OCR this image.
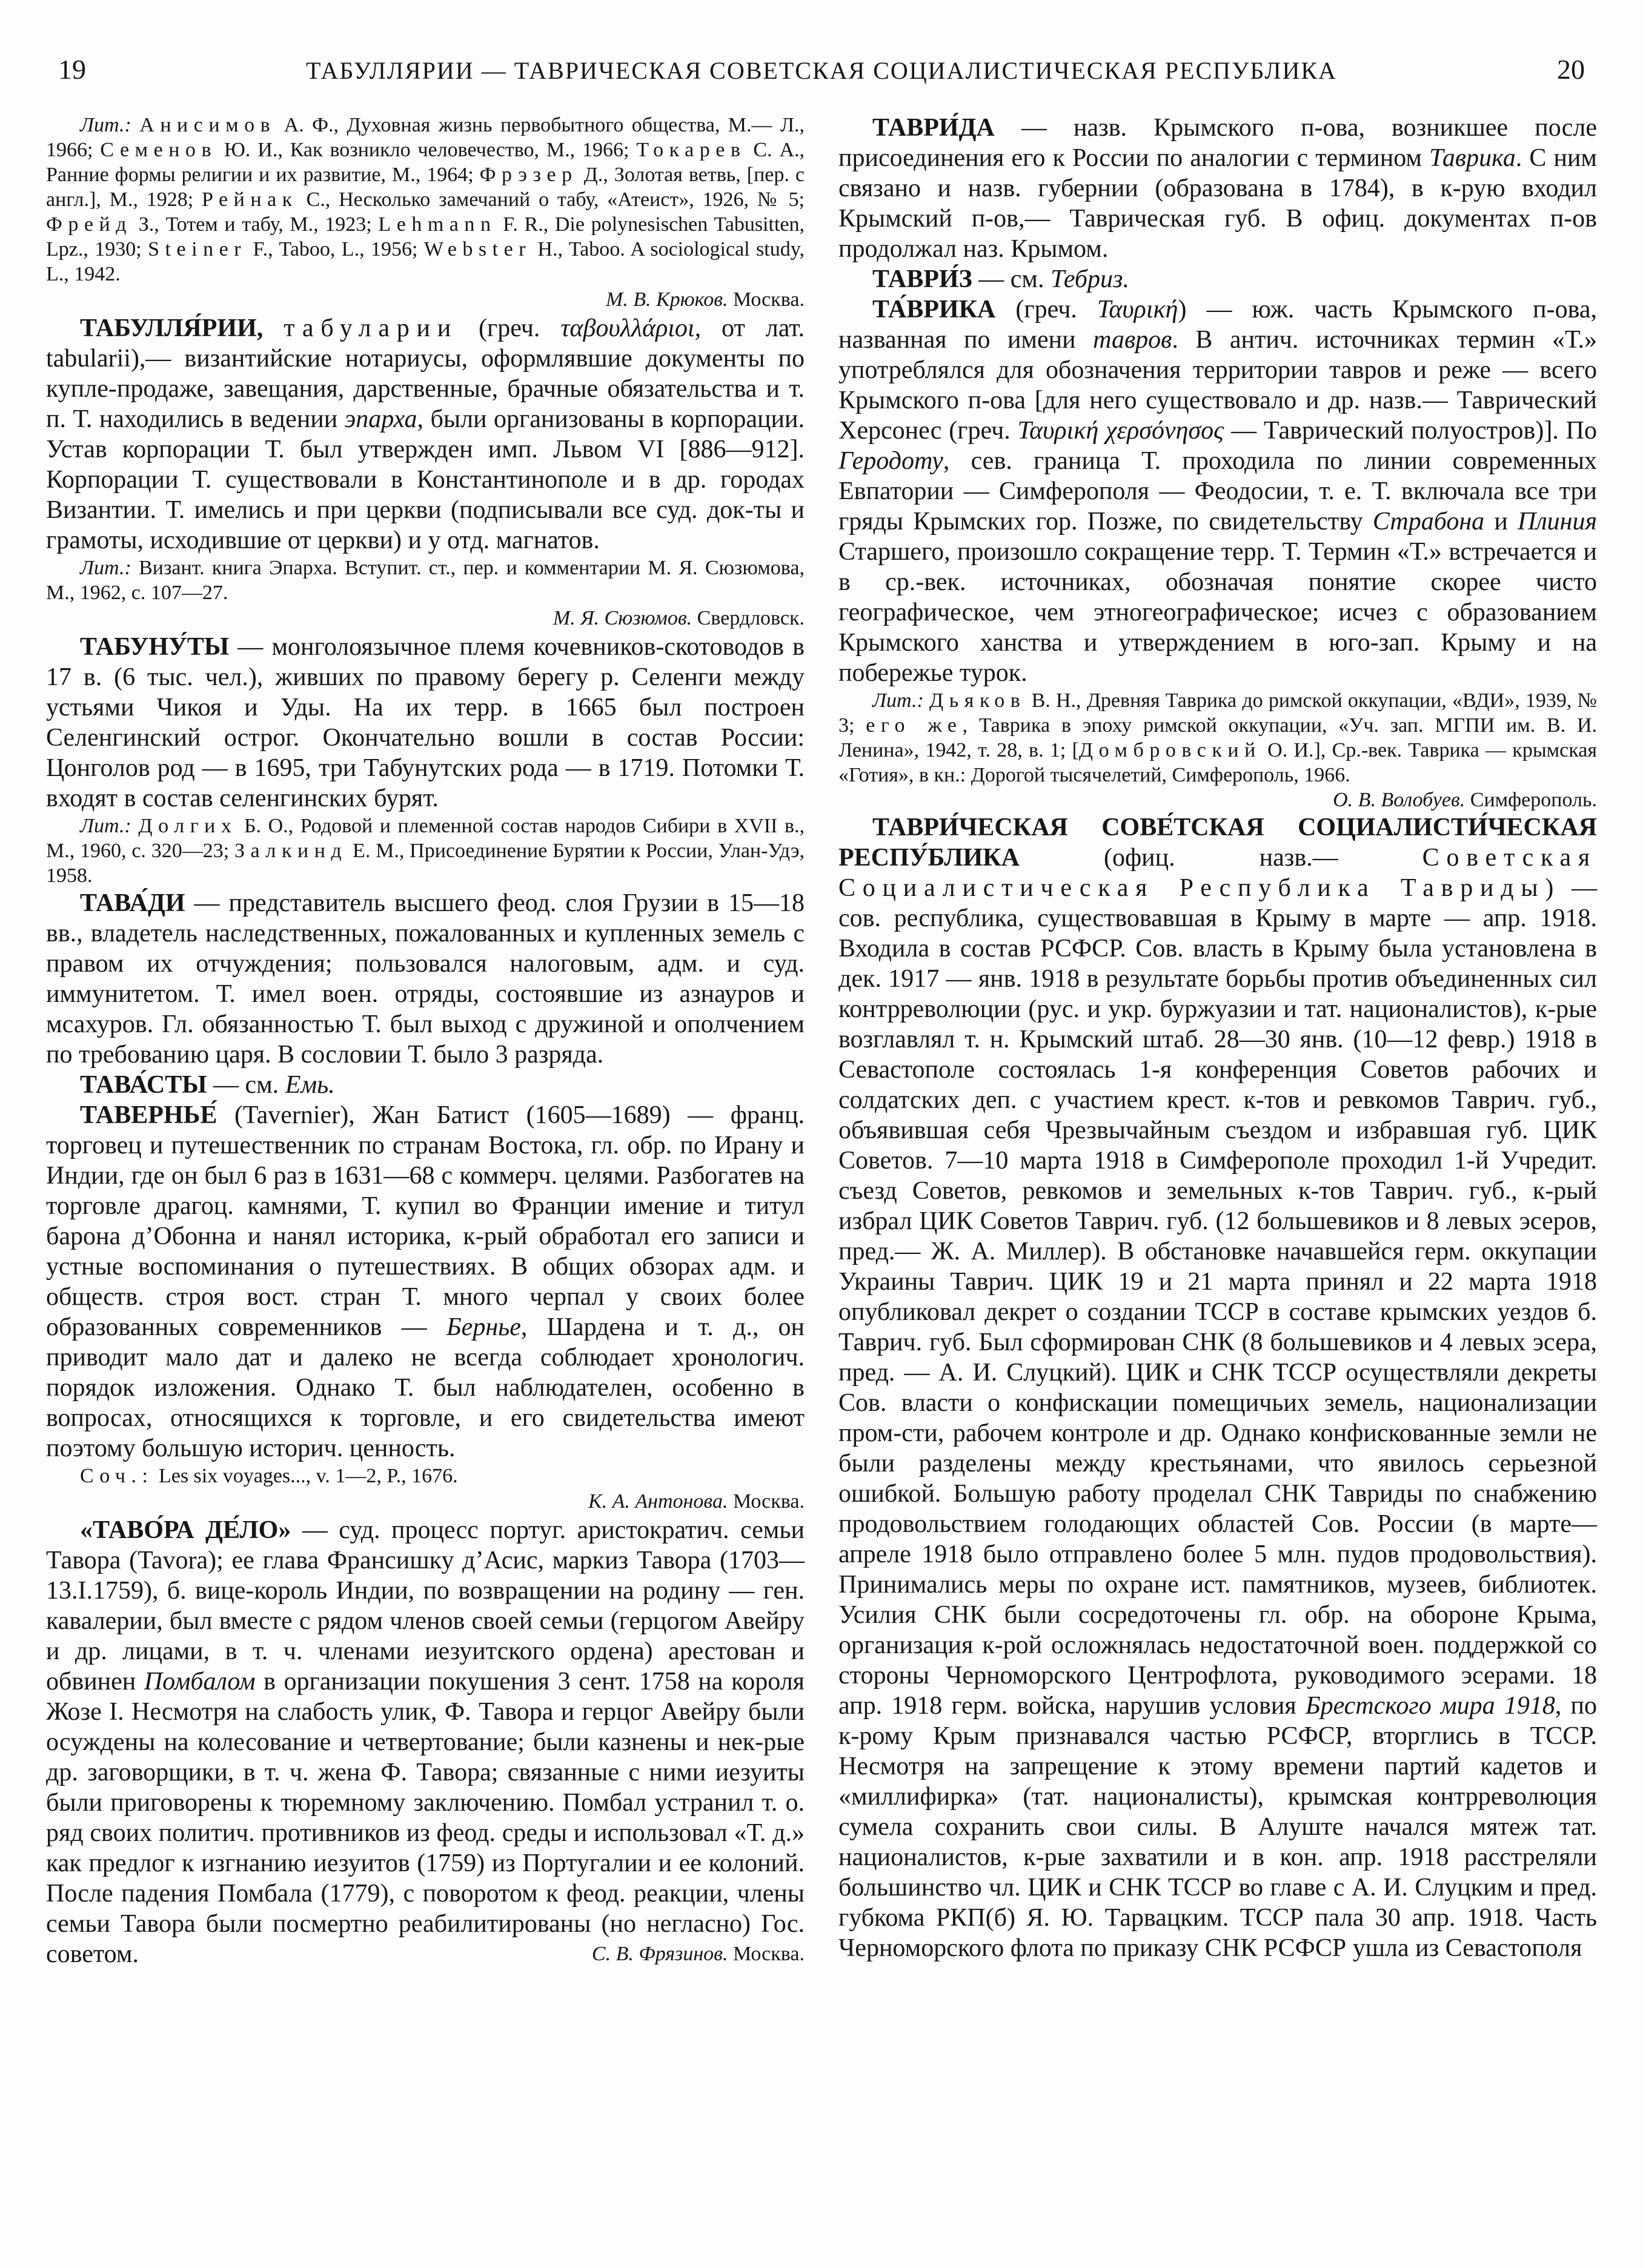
19	ТАБУЛЛЯРИИ — ТАВРИЧЕСКАЯ СОВЕТСКАЯ СОЦИАЛИСТИЧЕСКАЯ РЕСПУБЛИКА	20

Лит.: Анисимов А. Ф., Духовная жизнь первобытного общества, М.— Л., 1966; Семенов Ю. И., Как возникло человечество, М., 1966; Токарев С. А., Ранние формы религии и их развитие, М., 1964; Фрэзер Д., Золотая ветвь, [пер. с англ.], М., 1928; Рейнак С., Несколько замечаний о табу, «Атеист», 1926, № 5; Фрейд З., Тотем и табу, М., 1923; Lehmann F. R., Die polynesischen Tabusitten, Lpz., 1930; Steiner F., Taboo, L., 1956; Webster H., Taboo. A sociological study, L., 1942.

М. В. Крюков. Москва.

ТАБУЛЛЯ́РИИ, табуларии (греч. ταβουλλάριοι, от лат. tabularii),— византийские нотариусы, оформлявшие документы по купле-продаже, завещания, дарственные, брачные обязательства и т. п. Т. находились в ведении эпарха, были организованы в корпорации. Устав корпорации Т. был утвержден имп. Львом VI [886—912]. Корпорации Т. существовали в Константинополе и в др. городах Византии. Т. имелись и при церкви (подписывали все суд. док-ты и грамоты, исходившие от церкви) и у отд. магнатов.

Лит.: Визант. книга Эпарха. Вступит. ст., пер. и комментарии М. Я. Сюзюмова, М., 1962, с. 107—27.

М. Я. Сюзюмов. Свердловск.

ТАБУНУ́ТЫ — монголоязычное племя кочевников-скотоводов в 17 в. (6 тыс. чел.), живших по правому берегу р. Селенги между устьями Чикоя и Уды. На их терр. в 1665 был построен Селенгинский острог. Окончательно вошли в состав России: Цонголов род — в 1695, три Табунутских рода — в 1719. Потомки Т. входят в состав селенгинских бурят.

Лит.: Долгих Б. О., Родовой и племенной состав народов Сибири в XVII в., М., 1960, с. 320—23; Залкинд Е. М., Присоединение Бурятии к России, Улан-Удэ, 1958.

ТАВА́ДИ — представитель высшего феод. слоя Грузии в 15—18 вв., владетель наследственных, пожалованных и купленных земель с правом их отчуждения; пользовался налоговым, адм. и суд. иммунитетом. Т. имел воен. отряды, состоявшие из азнауров и мсахуров. Гл. обязанностью Т. был выход с дружиной и ополчением по требованию царя. В сословии Т. было 3 разряда.

ТАВА́СТЫ — см. Емь.

ТАВЕРНЬЕ́ (Tavernier), Жан Батист (1605—1689) — франц. торговец и путешественник по странам Востока, гл. обр. по Ирану и Индии, где он был 6 раз в 1631—68 с коммерч. целями. Разбогатев на торговле драгоц. камнями, Т. купил во Франции имение и титул барона д’Обонна и нанял историка, к-рый обработал его записи и устные воспоминания о путешествиях. В общих обзорах адм. и обществ. строя вост. стран Т. много черпал у своих более образованных современников — Бернье, Шардена и т. д., он приводит мало дат и далеко не всегда соблюдает хронологич. порядок изложения. Однако Т. был наблюдателен, особенно в вопросах, относящихся к торговле, и его свидетельства имеют поэтому большую историч. ценность.

Соч.: Les six voyages..., v. 1—2, P., 1676.

К. А. Антонова. Москва.

«ТАВО́РА ДЕ́ЛО» — суд. процесс португ. аристократич. семьи Тавора (Tavora); ее глава Франсишку д’Асис, маркиз Тавора (1703—13.I.1759), б. вице-король Индии, по возвращении на родину — ген. кавалерии, был вместе с рядом членов своей семьи (герцогом Авейру и др. лицами, в т. ч. членами иезуитского ордена) арестован и обвинен Помбалом в организации покушения 3 сент. 1758 на короля Жозе I. Несмотря на слабость улик, Ф. Тавора и герцог Авейру были осуждены на колесование и четвертование; были казнены и нек-рые др. заговорщики, в т. ч. жена Ф. Тавора; связанные с ними иезуиты были приговорены к тюремному заключению. Помбал устранил т. о. ряд своих политич. противников из феод. среды и использовал «Т. д.» как предлог к изгнанию иезуитов (1759) из Португалии и ее колоний. После падения Помбала (1779), с поворотом к феод. реакции, члены семьи Тавора были посмертно реабилитированы (но негласно) Гос. советом.	С. В. Фрязинов. Москва.

ТАВРИ́ДА — назв. Крымского п-ова, возникшее после присоединения его к России по аналогии с термином Таврика. С ним связано и назв. губернии (образована в 1784), в к-рую входил Крымский п-ов,— Таврическая губ. В офиц. документах п-ов продолжал наз. Крымом.

ТАВРИ́З — см. Тебриз.

ТА́ВРИКА (греч. Ταυρική) — юж. часть Крымского п-ова, названная по имени тавров. В антич. источниках термин «Т.» употреблялся для обозначения территории тавров и реже — всего Крымского п-ова [для него существовало и др. назв.— Таврический Херсонес (греч. Ταυρική χερσόνησος — Таврический полуостров)]. По Геродоту, сев. граница Т. проходила по линии современных Евпатории — Симферополя — Феодосии, т. е. Т. включала все три гряды Крымских гор. Позже, по свидетельству Страбона и Плиния Старшего, произошло сокращение терр. Т. Термин «Т.» встречается и в ср.-век. источниках, обозначая понятие скорее чисто географическое, чем этногеографическое; исчез с образованием Крымского ханства и утверждением в юго-зап. Крыму и на побережье турок.

Лит.: Дьяков В. Н., Древняя Таврика до римской оккупации, «ВДИ», 1939, № 3; его же, Таврика в эпоху римской оккупации, «Уч. зап. МГПИ им. В. И. Ленина», 1942, т. 28, в. 1; [Домбровский О. И.], Ср.-век. Таврика — крымская «Готия», в кн.: Дорогой тысячелетий, Симферополь, 1966.
О. В. Волобуев. Симферополь.

ТАВРИ́ЧЕСКАЯ СОВЕ́ТСКАЯ СОЦИАЛИСТИ́ЧЕСКАЯ РЕСПУ́БЛИКА (офиц. назв.— Советская Социалистическая Республика Тавриды) — сов. республика, существовавшая в Крыму в марте — апр. 1918. Входила в состав РСФСР. Сов. власть в Крыму была установлена в дек. 1917 — янв. 1918 в результате борьбы против объединенных сил контрреволюции (рус. и укр. буржуазии и тат. националистов), к-рые возглавлял т. н. Крымский штаб. 28—30 янв. (10—12 февр.) 1918 в Севастополе состоялась 1-я конференция Советов рабочих и солдатских деп. с участием крест. к-тов и ревкомов Таврич. губ., объявившая себя Чрезвычайным съездом и избравшая губ. ЦИК Советов. 7—10 марта 1918 в Симферополе проходил 1-й Учредит. съезд Советов, ревкомов и земельных к-тов Таврич. губ., к-рый избрал ЦИК Советов Таврич. губ. (12 большевиков и 8 левых эсеров, пред.— Ж. А. Миллер). В обстановке начавшейся герм. оккупации Украины Таврич. ЦИК 19 и 21 марта принял и 22 марта 1918 опубликовал декрет о создании ТССР в составе крымских уездов б. Таврич. губ. Был сформирован СНК (8 большевиков и 4 левых эсера, пред. — А. И. Слуцкий). ЦИК и СНК ТССР осуществляли декреты Сов. власти о конфискации помещичьих земель, национализации пром-сти, рабочем контроле и др. Однако конфискованные земли не были разделены между крестьянами, что явилось серьезной ошибкой. Большую работу проделал СНК Тавриды по снабжению продовольствием голодающих областей Сов. России (в марте— апреле 1918 было отправлено более 5 млн. пудов продовольствия). Принимались меры по охране ист. памятников, музеев, библиотек. Усилия СНК были сосредоточены гл. обр. на обороне Крыма, организация к-рой осложнялась недостаточной воен. поддержкой со стороны Черноморского Центрофлота, руководимого эсерами. 18 апр. 1918 герм. войска, нарушив условия Брестского мира 1918, по к-рому Крым признавался частью РСФСР, вторглись в ТССР. Несмотря на запрещение к этому времени партий кадетов и «миллифирка» (тат. националисты), крымская контрреволюция сумела сохранить свои силы. В Алуште начался мятеж тат. националистов, к-рые захватили и в кон. апр. 1918 расстреляли большинство чл. ЦИК и СНК ТССР во главе с А. И. Слуцким и пред. губкома РКП(б) Я. Ю. Тарвацким. ТССР пала 30 апр. 1918. Часть Черноморского флота по приказу СНК РСФСР ушла из Севастополя
